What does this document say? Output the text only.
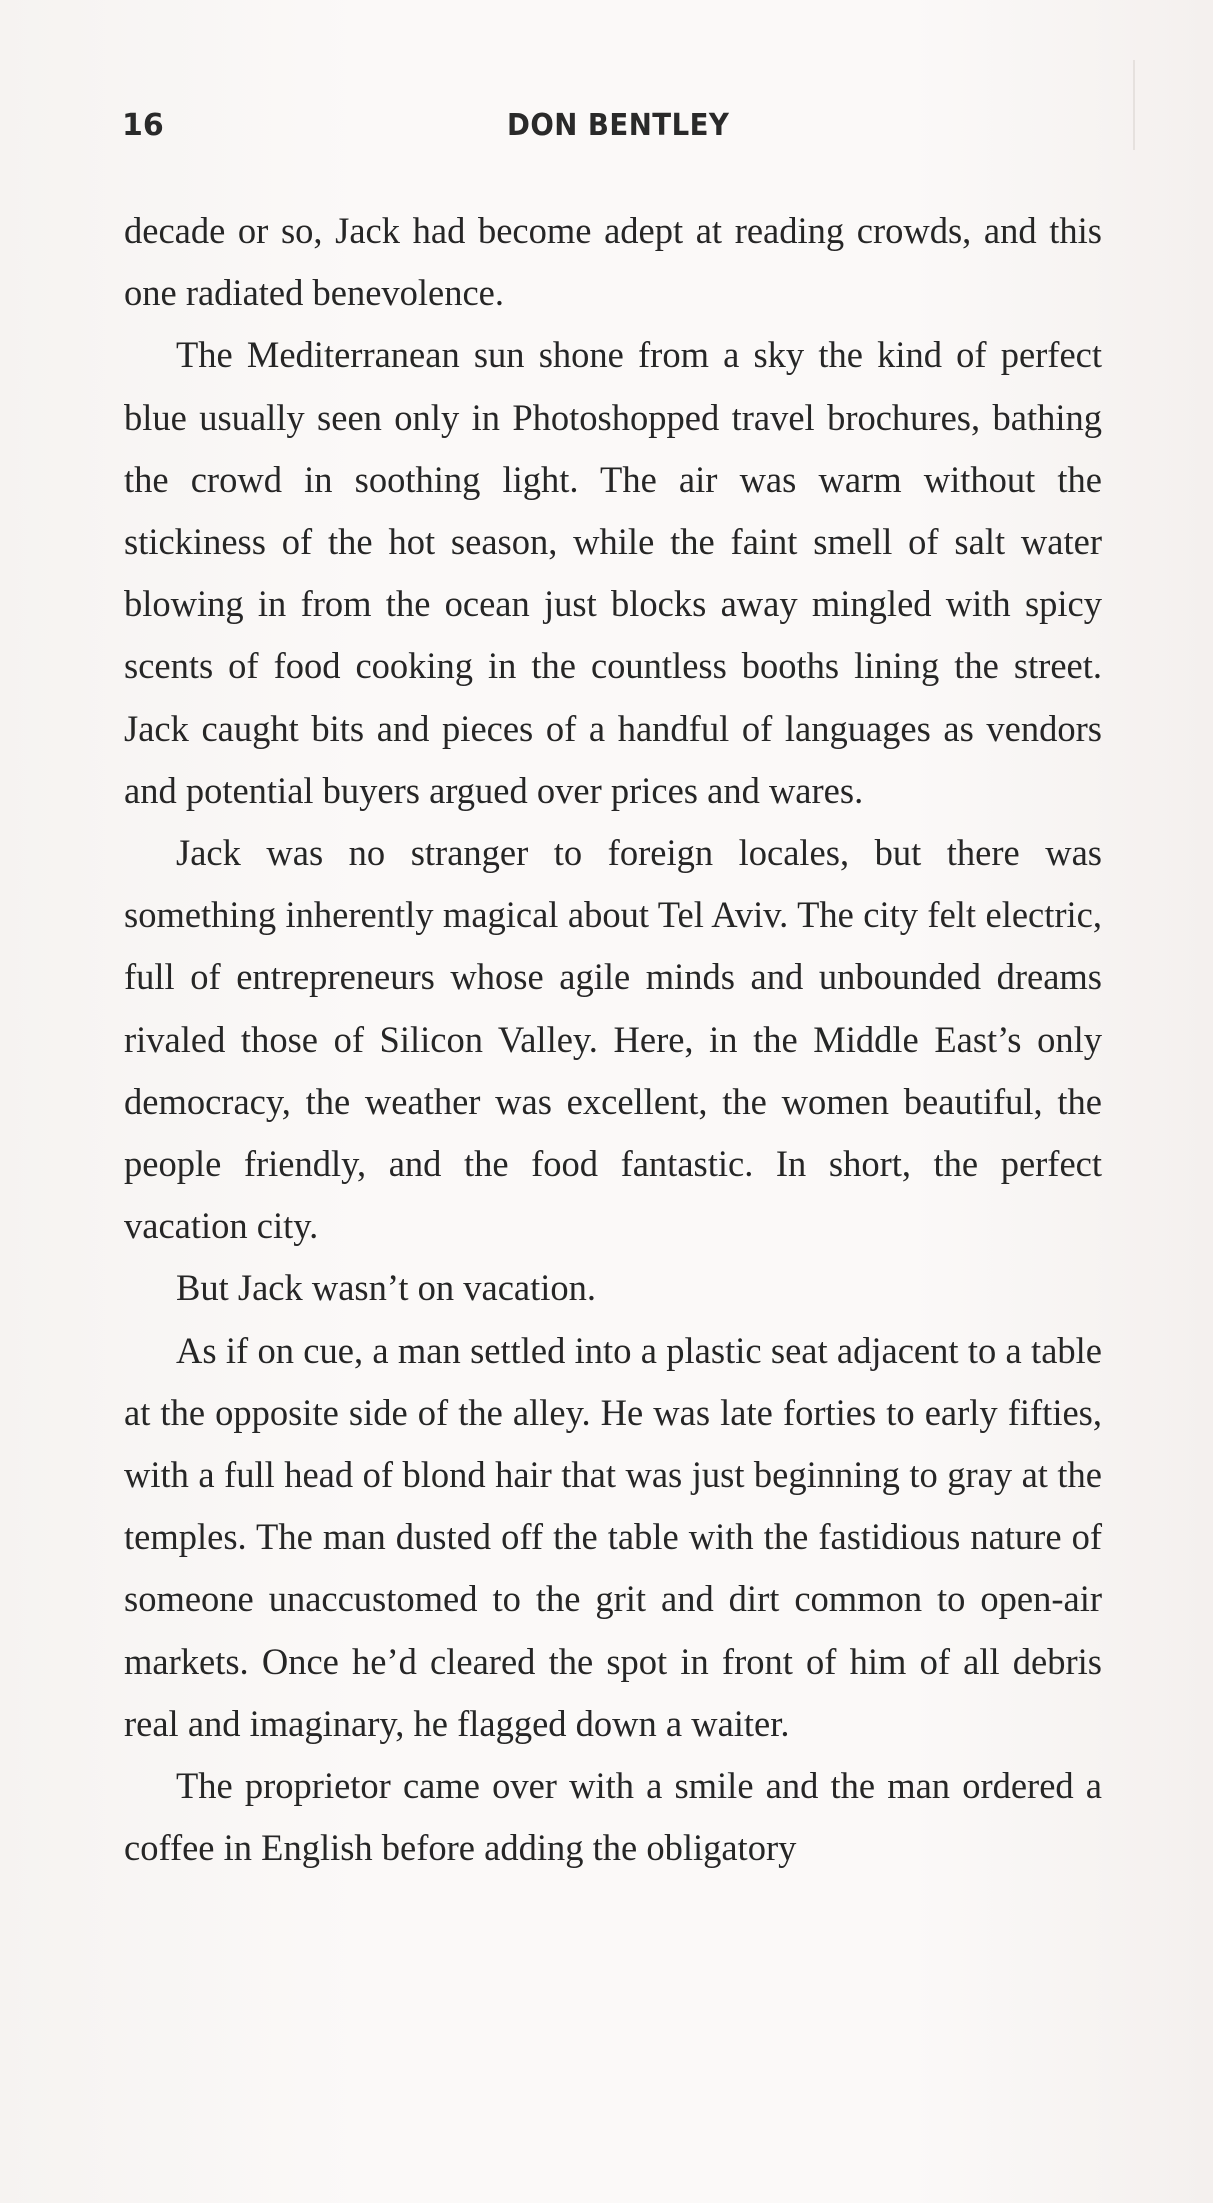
16	DON BENTLEY

decade or so, Jack had become adept at reading crowds, and this one radiated benevolence.

The Mediterranean sun shone from a sky the kind of perfect blue usually seen only in Photoshopped travel brochures, bathing the crowd in soothing light. The air was warm without the stickiness of the hot season, while the faint smell of salt water blowing in from the ocean just blocks away mingled with spicy scents of food cooking in the countless booths lining the street. Jack caught bits and pieces of a handful of languages as vendors and potential buyers argued over prices and wares.

Jack was no stranger to foreign locales, but there was something inherently magical about Tel Aviv. The city felt electric, full of entrepreneurs whose agile minds and unbounded dreams rivaled those of Silicon Valley. Here, in the Middle East’s only democracy, the weather was excellent, the women beautiful, the people friendly, and the food fantastic. In short, the perfect vacation city.

But Jack wasn’t on vacation.

As if on cue, a man settled into a plastic seat adjacent to a table at the opposite side of the alley. He was late forties to early fifties, with a full head of blond hair that was just beginning to gray at the temples. The man dusted off the table with the fastidious nature of someone unaccustomed to the grit and dirt common to open-air markets. Once he’d cleared the spot in front of him of all debris real and imaginary, he flagged down a waiter.

The proprietor came over with a smile and the man ordered a coffee in English before adding the obligatory
